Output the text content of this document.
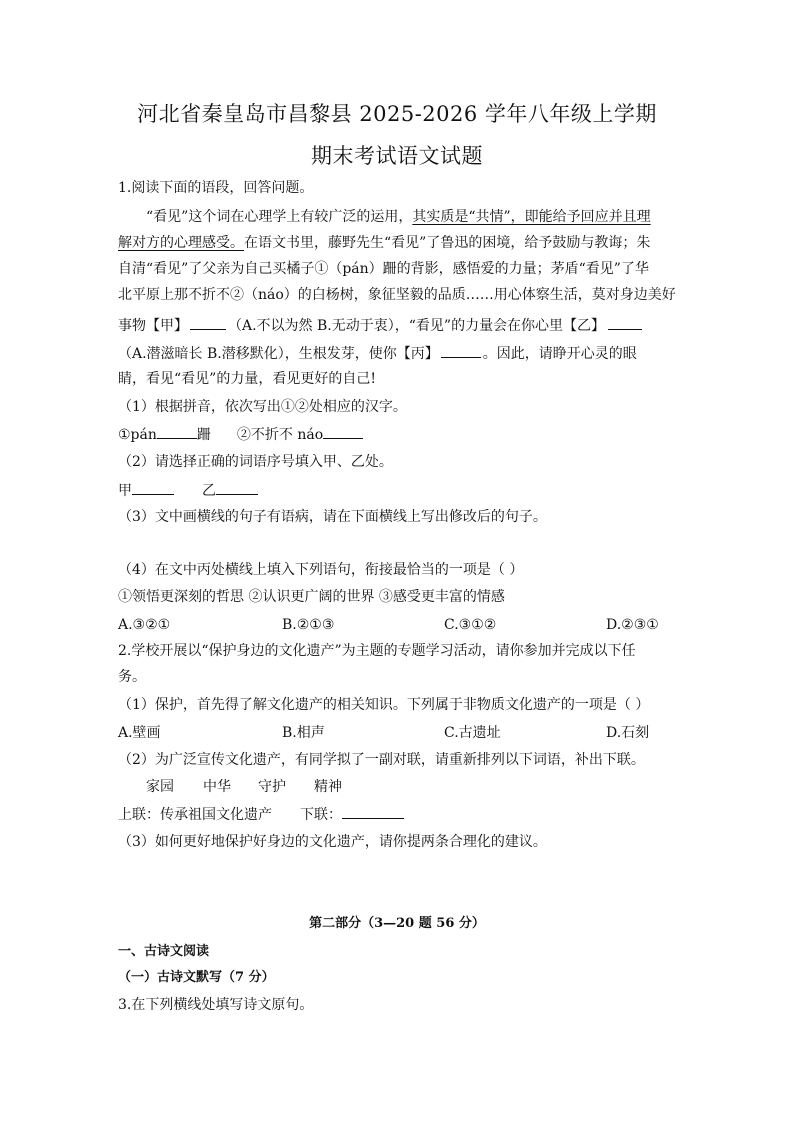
河北省秦皇岛市昌黎县 2025-2026 学年八年级上学期
期末考试语文试题
1.阅读下面的语段，回答问题。
“看见”这个词在心理学上有较广泛的运用，其实质是“共情”，即能给予回应并且理
解对方的心理感受。在语文书里，藤野先生“看见”了鲁迅的困境，给予鼓励与教诲；朱
自清“看见”了父亲为自己买橘子①（pán）跚的背影，感悟爱的力量；茅盾“看见”了华
北平原上那不折不②（náo）的白杨树，象征坚毅的品质……用心体察生活，莫对身边美好
事物【甲】	（A.不以为然 B.无动于衷），“看见”的力量会在你心里【乙】
（A.潜滋暗长 B.潜移默化），生根发芽，使你【丙】	。因此，请睁开心灵的眼
睛，看见“看见”的力量，看见更好的自己!
（1）根据拼音，依次写出①②处相应的汉字。
①pán	跚 ②不折不 náo
（2）请选择正确的词语序号填入甲、乙处。
甲	乙
（3）文中画横线的句子有语病，请在下面横线上写出修改后的句子。
（4）在文中丙处横线上填入下列语句，衔接最恰当的一项是（ ）
①领悟更深刻的哲思 ②认识更广阔的世界 ③感受更丰富的情感
A.③②①	B.②①③	C.③①②	D.②③①
2.学校开展以“保护身边的文化遗产”为主题的专题学习活动，请你参加并完成以下任
务。
（1）保护，首先得了解文化遗产的相关知识。下列属于非物质文化遗产的一项是（ ）
A.壁画	B.相声	C.古遗址	D.石刻
（2）为广泛宣传文化遗产，有同学拟了一副对联，请重新排列以下词语，补出下联。
家园 中华 守护 精神
上联：传承祖国文化遗产 下联：
（3）如何更好地保护好身边的文化遗产，请你提两条合理化的建议。
第二部分（3—20 题 56 分）
一、古诗文阅读
（一）古诗文默写（7 分）
3.在下列横线处填写诗文原句。
